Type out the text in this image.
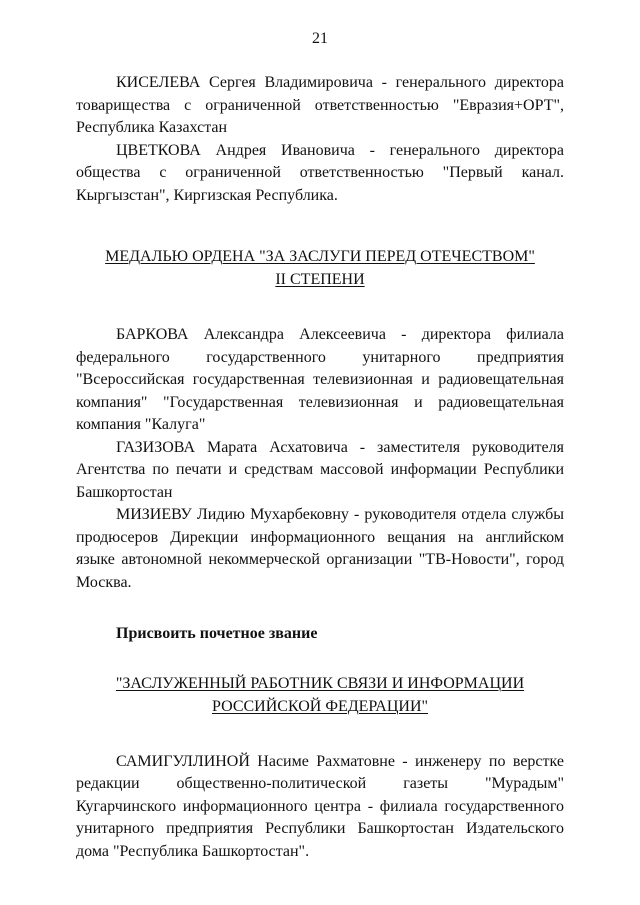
21

КИСЕЛЕВА Сергея Владимировича - генерального директора товарищества с ограниченной ответственностью "Евразия+ОРТ", Республика Казахстан

ЦВЕТКОВА Андрея Ивановича - генерального директора общества с ограниченной ответственностью "Первый канал. Кыргызстан", Киргизская Республика.

МЕДАЛЬЮ ОРДЕНА "ЗА ЗАСЛУГИ ПЕРЕД ОТЕЧЕСТВОМ"

II СТЕПЕНИ

БАРКОВА Александра Алексеевича - директора филиала федерального государственного унитарного предприятия "Всероссийская государственная телевизионная и радиовещательная компания" "Государственная телевизионная и радиовещательная компания "Калуга"

ГАЗИЗОВА Марата Асхатовича - заместителя руководителя Агентства по печати и средствам массовой информации Республики Башкортостан

МИЗИЕВУ Лидию Мухарбековну - руководителя отдела службы продюсеров Дирекции информационного вещания на английском языке автономной некоммерческой организации "ТВ-Новости", город Москва.

Присвоить почетное звание

"ЗАСЛУЖЕННЫЙ РАБОТНИК СВЯЗИ И ИНФОРМАЦИИ

РОССИЙСКОЙ ФЕДЕРАЦИИ"

САМИГУЛЛИНОЙ Насиме Рахматовне - инженеру по верстке редакции общественно-политической газеты "Мурадым" Кугарчинского информационного центра - филиала государственного унитарного предприятия Республики Башкортостан Издательского дома "Республика Башкортостан".
